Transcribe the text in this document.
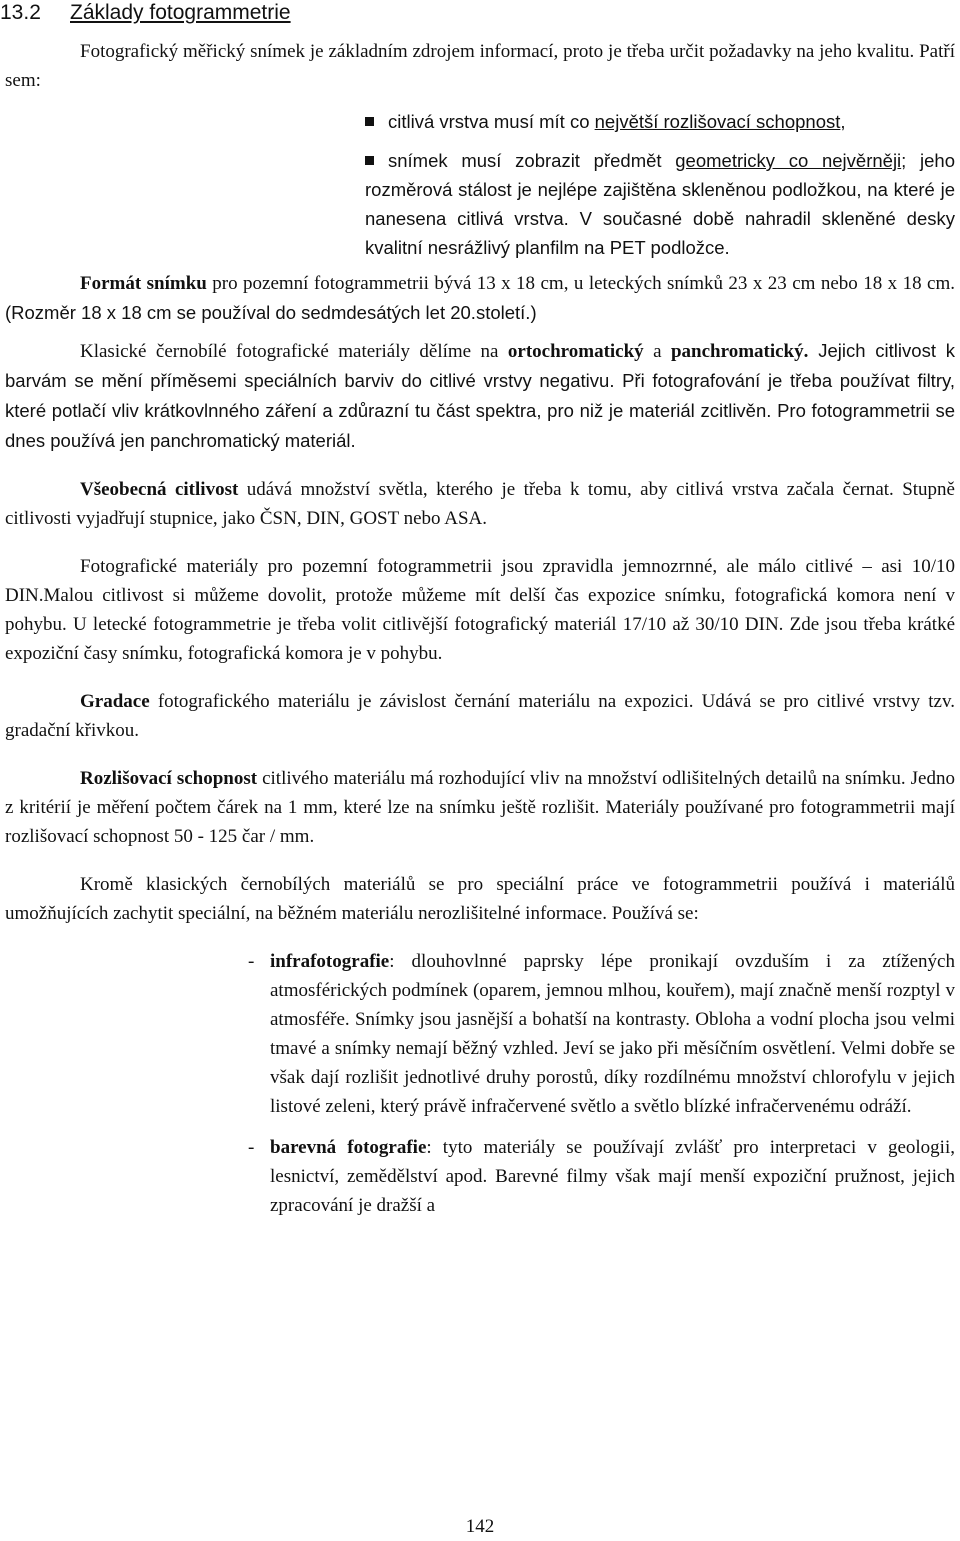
13.2 Základy fotogrammetrie

Fotografický měřický snímek je základním zdrojem informací, proto je třeba určit požadavky na jeho kvalitu. Patří sem:

citlivá vrstva musí mít co největší rozlišovací schopnost,

snímek musí zobrazit předmět geometricky co nejvěrněji; jeho rozměrová stálost je nejlépe zajištěna skleněnou podložkou, na které je nanesena citlivá vrstva. V současné době nahradil skleněné desky kvalitní nesrážlivý planfilm na PET podložce.

Formát snímku pro pozemní fotogrammetrii bývá 13 x 18 cm, u leteckých snímků 23 x 23 cm nebo 18 x 18 cm. (Rozměr 18 x 18 cm se používal do sedmdesátých let 20.století.)

Klasické černobílé fotografické materiály dělíme na ortochromatický a panchromatický. Jejich citlivost k barvám se mění příměsemi speciálních barviv do citlivé vrstvy negativu. Při fotografování je třeba používat filtry, které potlačí vliv krátkovlnného záření a zdůrazní tu část spektra, pro niž je materiál zcitlivěn. Pro fotogrammetrii se dnes používá jen panchromatický materiál.

Všeobecná citlivost udává množství světla, kterého je třeba k tomu, aby citlivá vrstva začala černat. Stupně citlivosti vyjadřují stupnice, jako ČSN, DIN, GOST nebo ASA.

Fotografické materiály pro pozemní fotogrammetrii jsou zpravidla jemnozrnné, ale málo citlivé – asi 10/10 DIN.Malou citlivost si můžeme dovolit, protože můžeme mít delší čas expozice snímku, fotografická komora není v pohybu. U letecké fotogrammetrie je třeba volit citlivější fotografický materiál 17/10 až 30/10 DIN. Zde jsou třeba krátké expoziční časy snímku, fotografická komora je v pohybu.

Gradace fotografického materiálu je závislost černání materiálu na expozici. Udává se pro citlivé vrstvy tzv. gradační křivkou.

Rozlišovací schopnost citlivého materiálu má rozhodující vliv na množství odlišitelných detailů na snímku. Jedno z kritérií je měření počtem čárek na 1 mm, které lze na snímku ještě rozlišit. Materiály používané pro fotogrammetrii mají rozlišovací schopnost 50 - 125 čar / mm.

Kromě klasických černobílých materiálů se pro speciální práce ve fotogrammetrii používá i materiálů umožňujících zachytit speciální, na běžném materiálu nerozlišitelné informace. Používá se:

- infrafotografie: dlouhovlnné paprsky lépe pronikají ovzduším i za ztížených atmosférických podmínek (oparem, jemnou mlhou, kouřem), mají značně menší rozptyl v atmosféře. Snímky jsou jasnější a bohatší na kontrasty. Obloha a vodní plocha jsou velmi tmavé a snímky nemají běžný vzhled. Jeví se jako při měsíčním osvětlení. Velmi dobře se však dají rozlišit jednotlivé druhy porostů, díky rozdílnému množství chlorofylu v jejich listové zeleni, který právě infračervené světlo a světlo blízké infračervenému odráží.

- barevná fotografie: tyto materiály se používají zvlášť pro interpretaci v geologii, lesnictví, zemědělství apod. Barevné filmy však mají menší expoziční pružnost, jejich zpracování je dražší a

142
